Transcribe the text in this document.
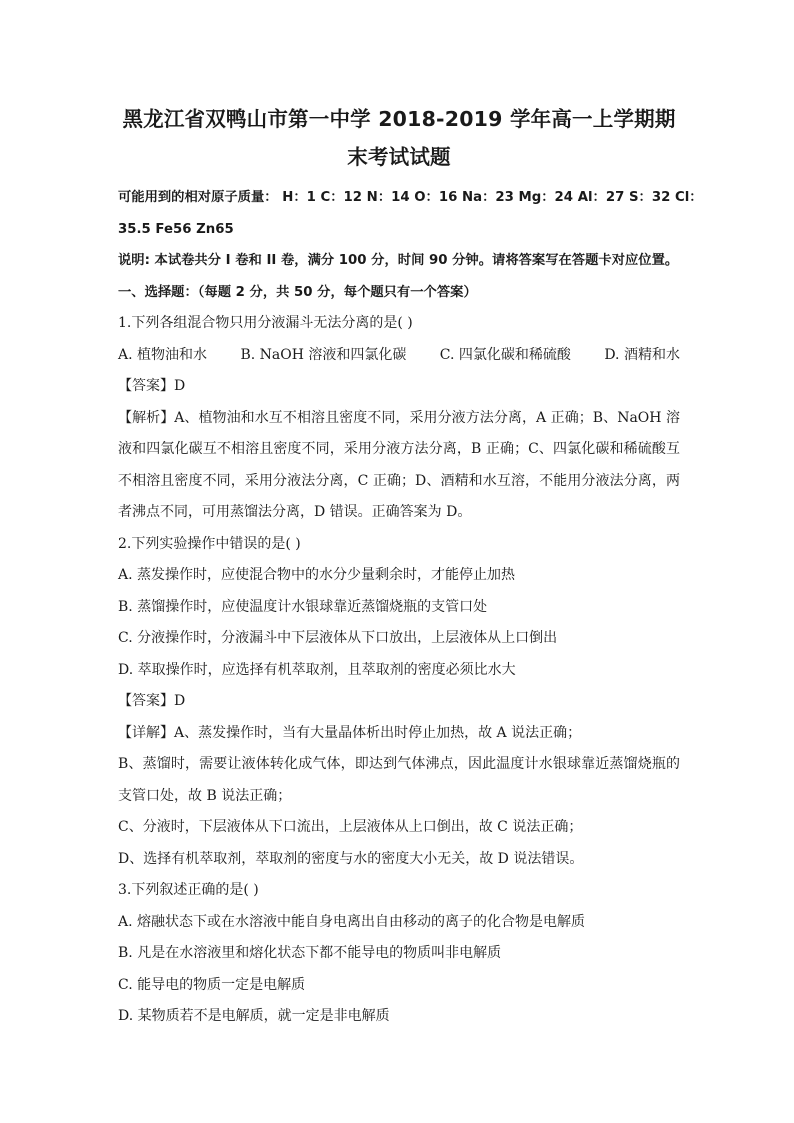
黑龙江省双鸭山市第一中学 2018-2019 学年高一上学期期末考试试题

可能用到的相对原子质量： H：1 C：12 N：14 O：16 Na：23 Mg：24 Al：27 S：32 Cl：

35.5 Fe56 Zn65

说明: 本试卷共分 I 卷和 II 卷，满分 100 分，时间 90 分钟。请将答案写在答题卡对应位置。

一、选择题：（每题 2 分，共 50 分，每个题只有一个答案）

1.下列各组混合物只用分液漏斗无法分离的是( )

A. 植物油和水 B. NaOH 溶液和四氯化碳 C. 四氯化碳和稀硫酸 D. 酒精和水

【答案】D

【解析】A、植物油和水互不相溶且密度不同，采用分液方法分离，A 正确；B、NaOH 溶液和四氯化碳互不相溶且密度不同，采用分液方法分离，B 正确；C、四氯化碳和稀硫酸互不相溶且密度不同，采用分液法分离，C 正确；D、酒精和水互溶，不能用分液法分离，两者沸点不同，可用蒸馏法分离，D 错误。正确答案为 D。

2.下列实验操作中错误的是( )

A. 蒸发操作时，应使混合物中的水分少量剩余时，才能停止加热

B. 蒸馏操作时，应使温度计水银球靠近蒸馏烧瓶的支管口处

C. 分液操作时，分液漏斗中下层液体从下口放出，上层液体从上口倒出

D. 萃取操作时，应选择有机萃取剂，且萃取剂的密度必须比水大

【答案】D

【详解】A、蒸发操作时，当有大量晶体析出时停止加热，故 A 说法正确；

B、蒸馏时，需要让液体转化成气体，即达到气体沸点，因此温度计水银球靠近蒸馏烧瓶的支管口处，故 B 说法正确；

C、分液时，下层液体从下口流出，上层液体从上口倒出，故 C 说法正确；

D、选择有机萃取剂，萃取剂的密度与水的密度大小无关，故 D 说法错误。

3.下列叙述正确的是( )

A. 熔融状态下或在水溶液中能自身电离出自由移动的离子的化合物是电解质

B. 凡是在水溶液里和熔化状态下都不能导电的物质叫非电解质

C. 能导电的物质一定是电解质

D. 某物质若不是电解质，就一定是非电解质
